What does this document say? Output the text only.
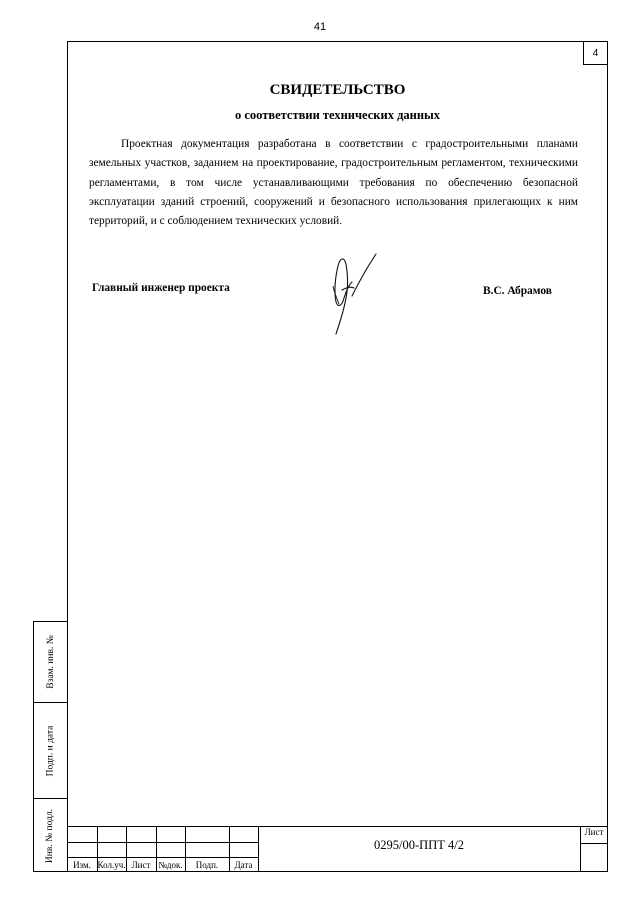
41
4
СВИДЕТЕЛЬСТВО
о соответствии технических данных
Проектная документация разработана в соответствии с градостроительными планами земельных участков, заданием на проектирование, градостроительным регламентом, техническими регламентами, в том числе устанавливающими требования по обеспечению безопасной эксплуатации зданий строений, сооружений и безопасного использования прилегающих к ним территорий, и с соблюдением технических условий.
Главный инженер проекта	В.С. Абрамов
Взам. инв. №
Подп. и дата
Инв. № подл.
Изм. Кол.уч. Лист №док.	Подп.	Дата
0295/00-ППТ 4/2
Лист
